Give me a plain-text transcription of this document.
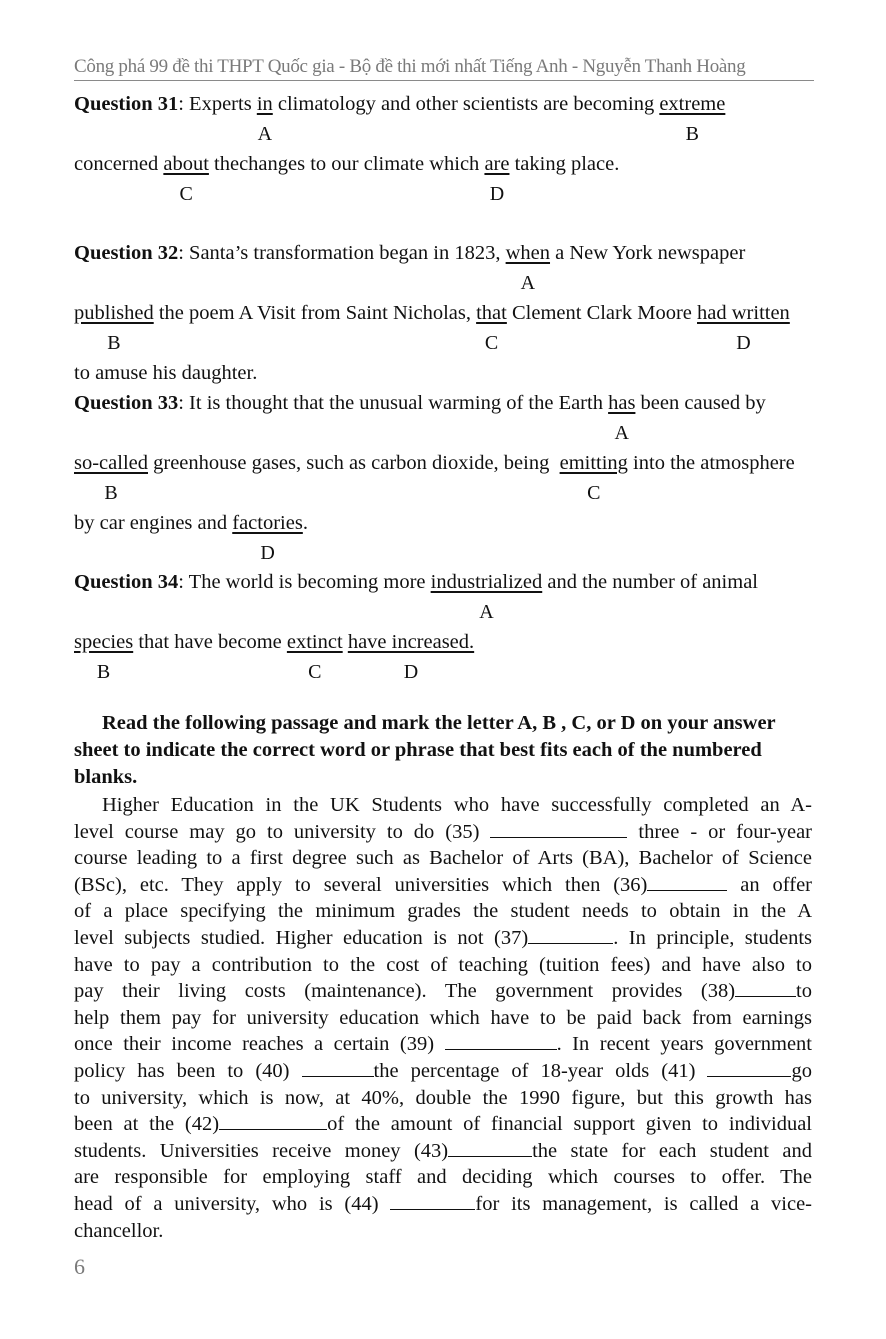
Công phá 99 đề thi THPT Quốc gia - Bộ đề thi mới nhất Tiếng Anh - Nguyễn Thanh Hoàng
Question 31: Experts in climatology and other scientists are becoming extreme
A	B
concerned about thechanges to our climate which are taking place.
C	D
Question 32: Santa’s transformation began in 1823, when a New York newspaper
A
published the poem A Visit from Saint Nicholas, that Clement Clark Moore had written
B	C	D
to amuse his daughter.
Question 33: It is thought that the unusual warming of the Earth has been caused by
A
so-called greenhouse gases, such as carbon dioxide, being  emitting into the atmosphere
B	C
by car engines and factories.
D
Question 34: The world is becoming more industrialized and the number of animal
A
species that have become extinct have increased.
B	C	D
Read the following passage and mark the letter A, B , C, or D on your answer
sheet to indicate the correct word or phrase that best fits each of the numbered
blanks.
Higher Education in the UK Students who have successfully completed an A-
level course may go to university to do (35)	three - or four-year
course leading to a first degree such as Bachelor of Arts (BA), Bachelor of Science
(BSc), etc. They apply to several universities which then (36)	an offer
of a place specifying the minimum grades the student needs to obtain in the A
level subjects studied. Higher education is not (37)	. In principle, students
have to pay a contribution to the cost of teaching (tuition fees) and have also to
pay their living costs (maintenance). The government provides (38)	to
help them pay for university education which have to be paid back from earnings
once their income reaches a certain (39)	. In recent years government
policy has been to (40)	the percentage of 18-year olds (41)	go
to university, which is now, at 40%, double the 1990 figure, but this growth has
been at the (42)	of the amount of financial support given to individual
students. Universities receive money (43)	the state for each student and
are responsible for employing staff and deciding which courses to offer. The
head of a university, who is (44)	for its management, is called a vice-
chancellor.
6
